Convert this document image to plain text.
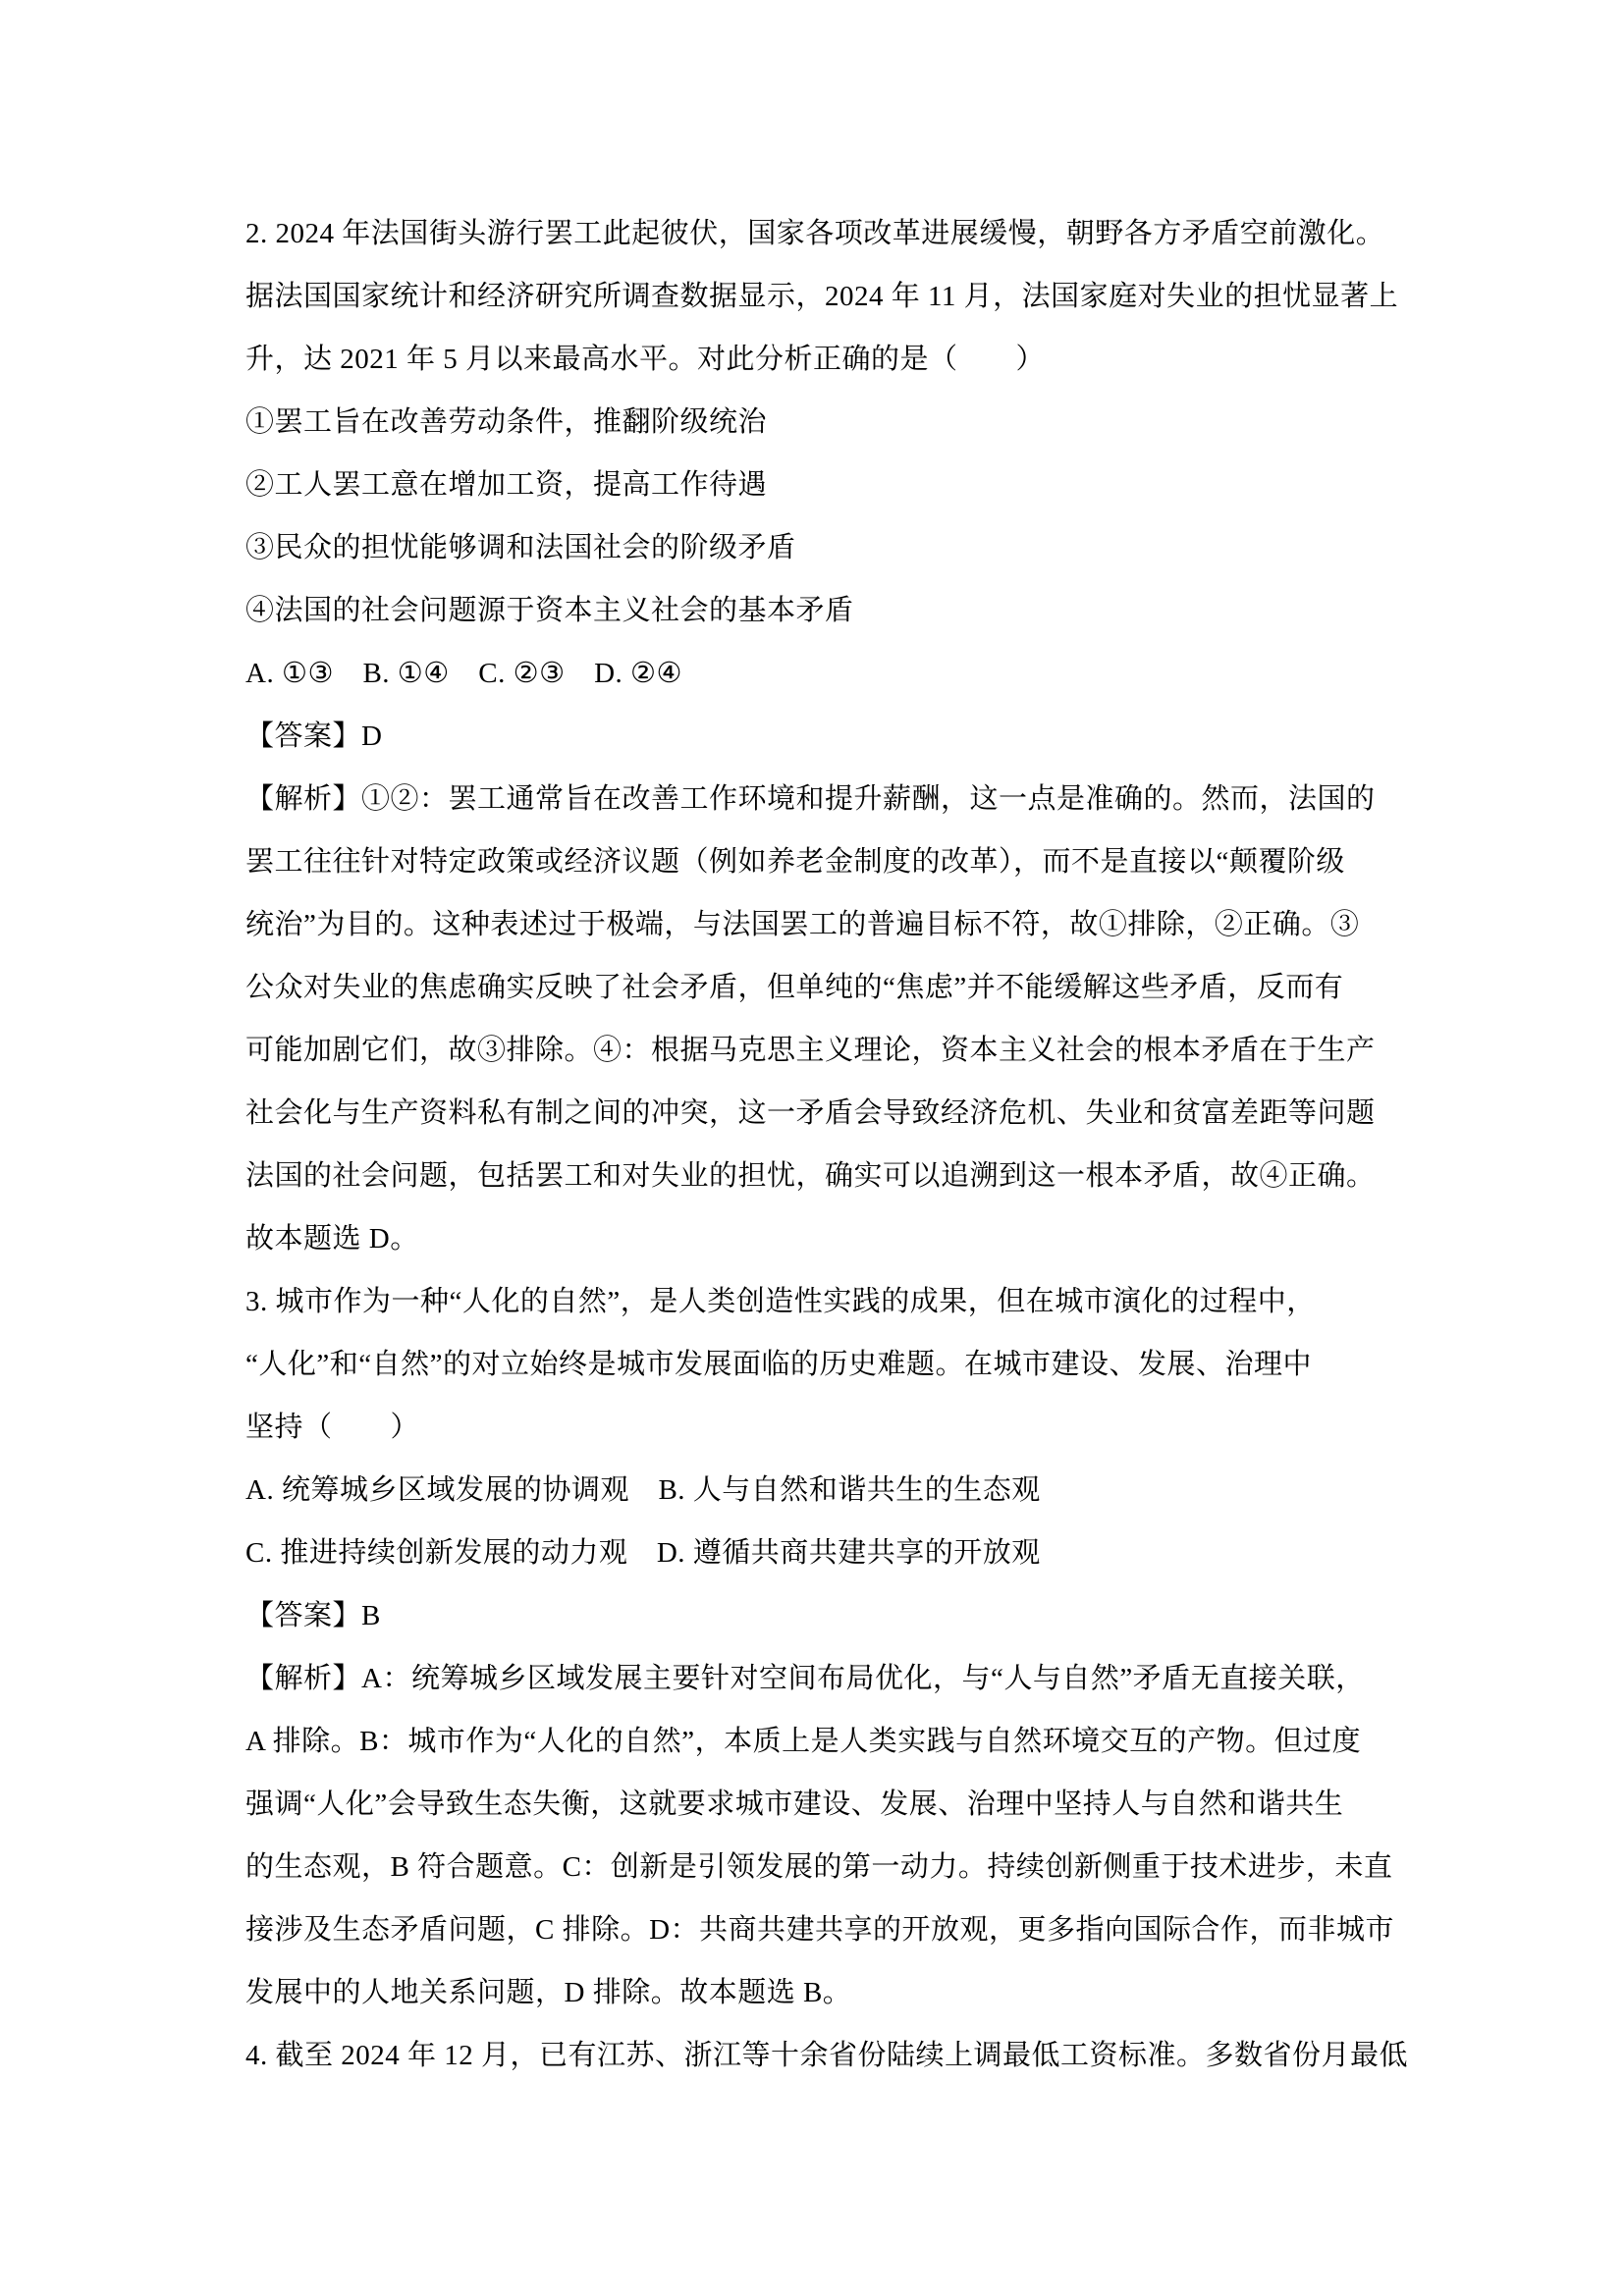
2. 2024 年法国街头游行罢工此起彼伏，国家各项改革进展缓慢，朝野各方矛盾空前激化。
据法国国家统计和经济研究所调查数据显示，2024 年 11 月，法国家庭对失业的担忧显著上
升，达 2021 年 5 月以来最高水平。对此分析正确的是（　　）
①罢工旨在改善劳动条件，推翻阶级统治
②工人罢工意在增加工资，提高工作待遇
③民众的担忧能够调和法国社会的阶级矛盾
④法国的社会问题源于资本主义社会的基本矛盾
A. ①③　B. ①④　C. ②③　D. ②④
【答案】D
【解析】①②：罢工通常旨在改善工作环境和提升薪酬，这一点是准确的。然而，法国的
罢工往往针对特定政策或经济议题（例如养老金制度的改革），而不是直接以“颠覆阶级
统治”为目的。这种表述过于极端，与法国罢工的普遍目标不符，故①排除，②正确。③
公众对失业的焦虑确实反映了社会矛盾，但单纯的“焦虑”并不能缓解这些矛盾，反而有
可能加剧它们，故③排除。④：根据马克思主义理论，资本主义社会的根本矛盾在于生产
社会化与生产资料私有制之间的冲突，这一矛盾会导致经济危机、失业和贫富差距等问题
法国的社会问题，包括罢工和对失业的担忧，确实可以追溯到这一根本矛盾，故④正确。
故本题选 D。
3. 城市作为一种“人化的自然”，是人类创造性实践的成果，但在城市演化的过程中，
“人化”和“自然”的对立始终是城市发展面临的历史难题。在城市建设、发展、治理中
坚持（　　）
A. 统筹城乡区域发展的协调观　B. 人与自然和谐共生的生态观
C. 推进持续创新发展的动力观　D. 遵循共商共建共享的开放观
【答案】B
【解析】A：统筹城乡区域发展主要针对空间布局优化，与“人与自然”矛盾无直接关联，
A 排除。B：城市作为“人化的自然”，本质上是人类实践与自然环境交互的产物。但过度
强调“人化”会导致生态失衡，这就要求城市建设、发展、治理中坚持人与自然和谐共生
的生态观，B 符合题意。C：创新是引领发展的第一动力。持续创新侧重于技术进步，未直
接涉及生态矛盾问题，C 排除。D：共商共建共享的开放观，更多指向国际合作，而非城市
发展中的人地关系问题，D 排除。故本题选 B。
4. 截至 2024 年 12 月，已有江苏、浙江等十余省份陆续上调最低工资标准。多数省份月最低
